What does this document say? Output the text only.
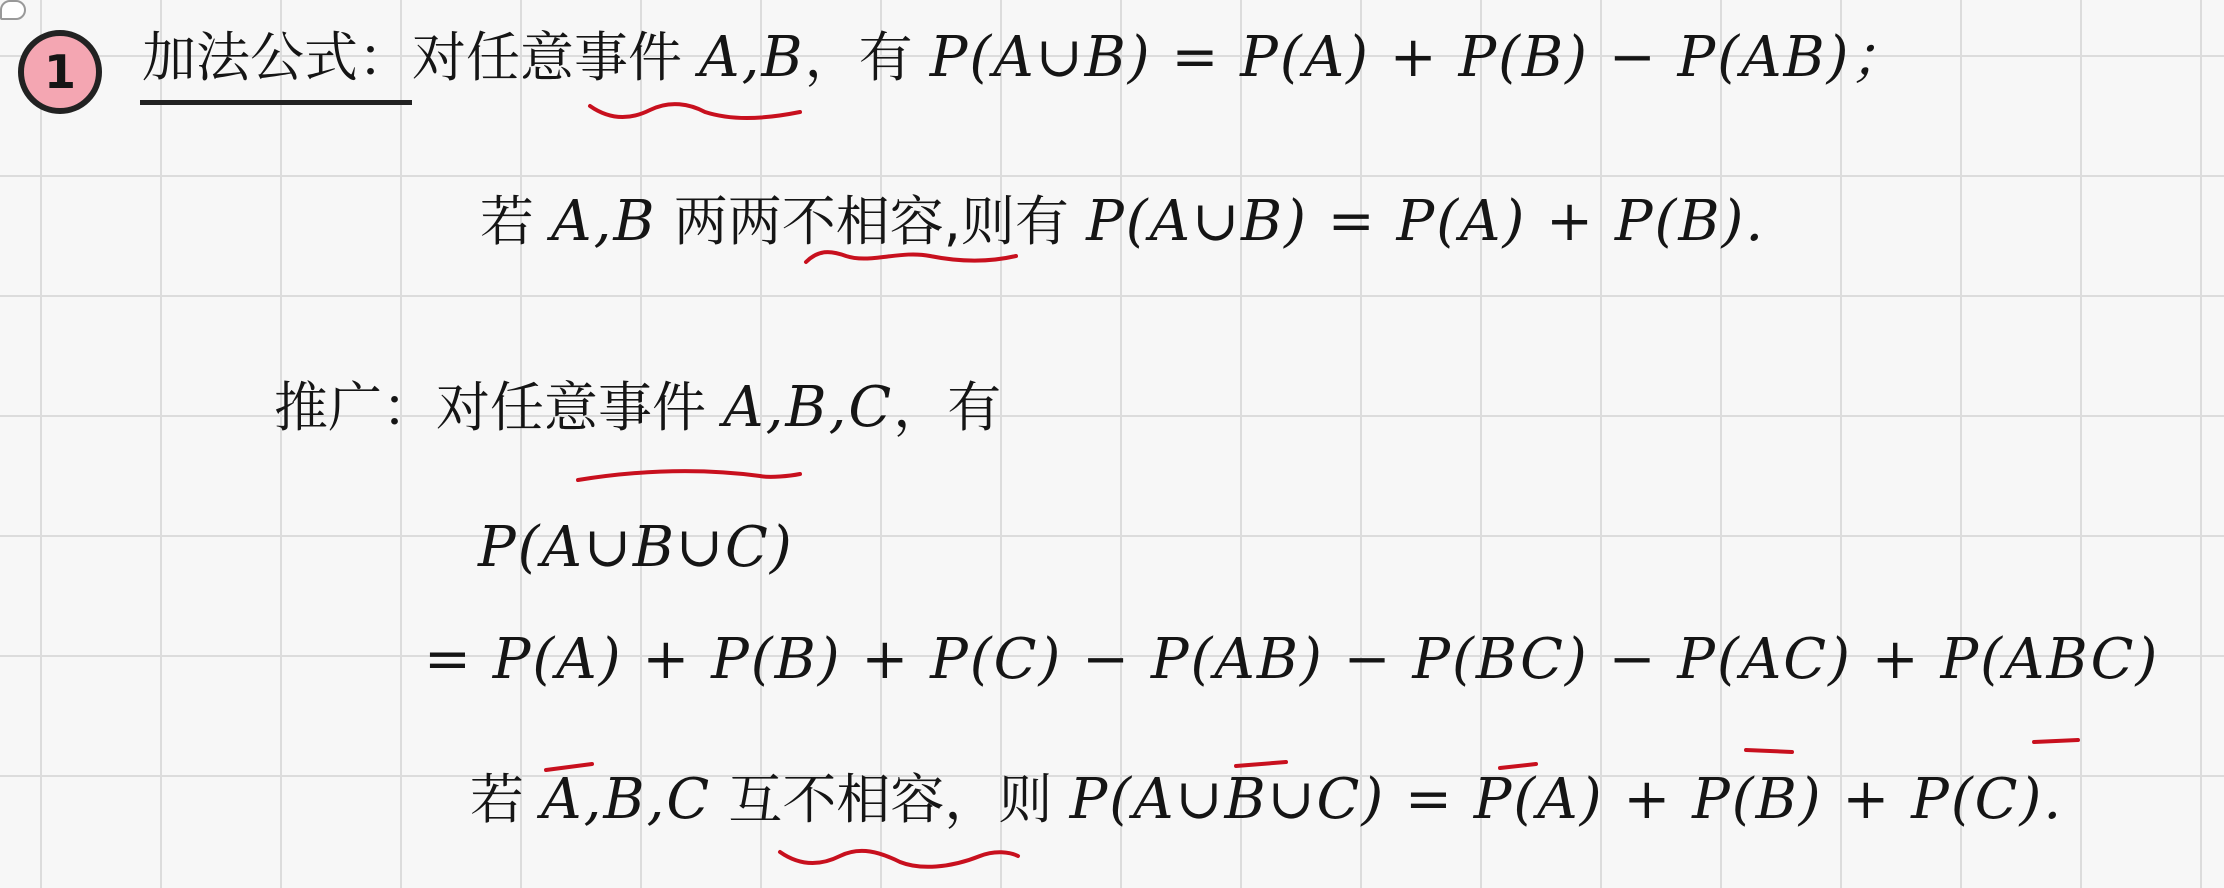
1 加法公式：对任意事件 A,B，有 P(A∪B) = P(A) + P(B) − P(AB)；
若 A,B 两两不相容,则有 P(A∪B) = P(A) + P(B).
推广：对任意事件 A,B,C，有
P(A∪B∪C)
= P(A) + P(B) + P(C) − P(AB) − P(BC) − P(AC) + P(ABC)
若 A,B,C 互不相容，则 P(A∪B∪C) = P(A) + P(B) + P(C).
